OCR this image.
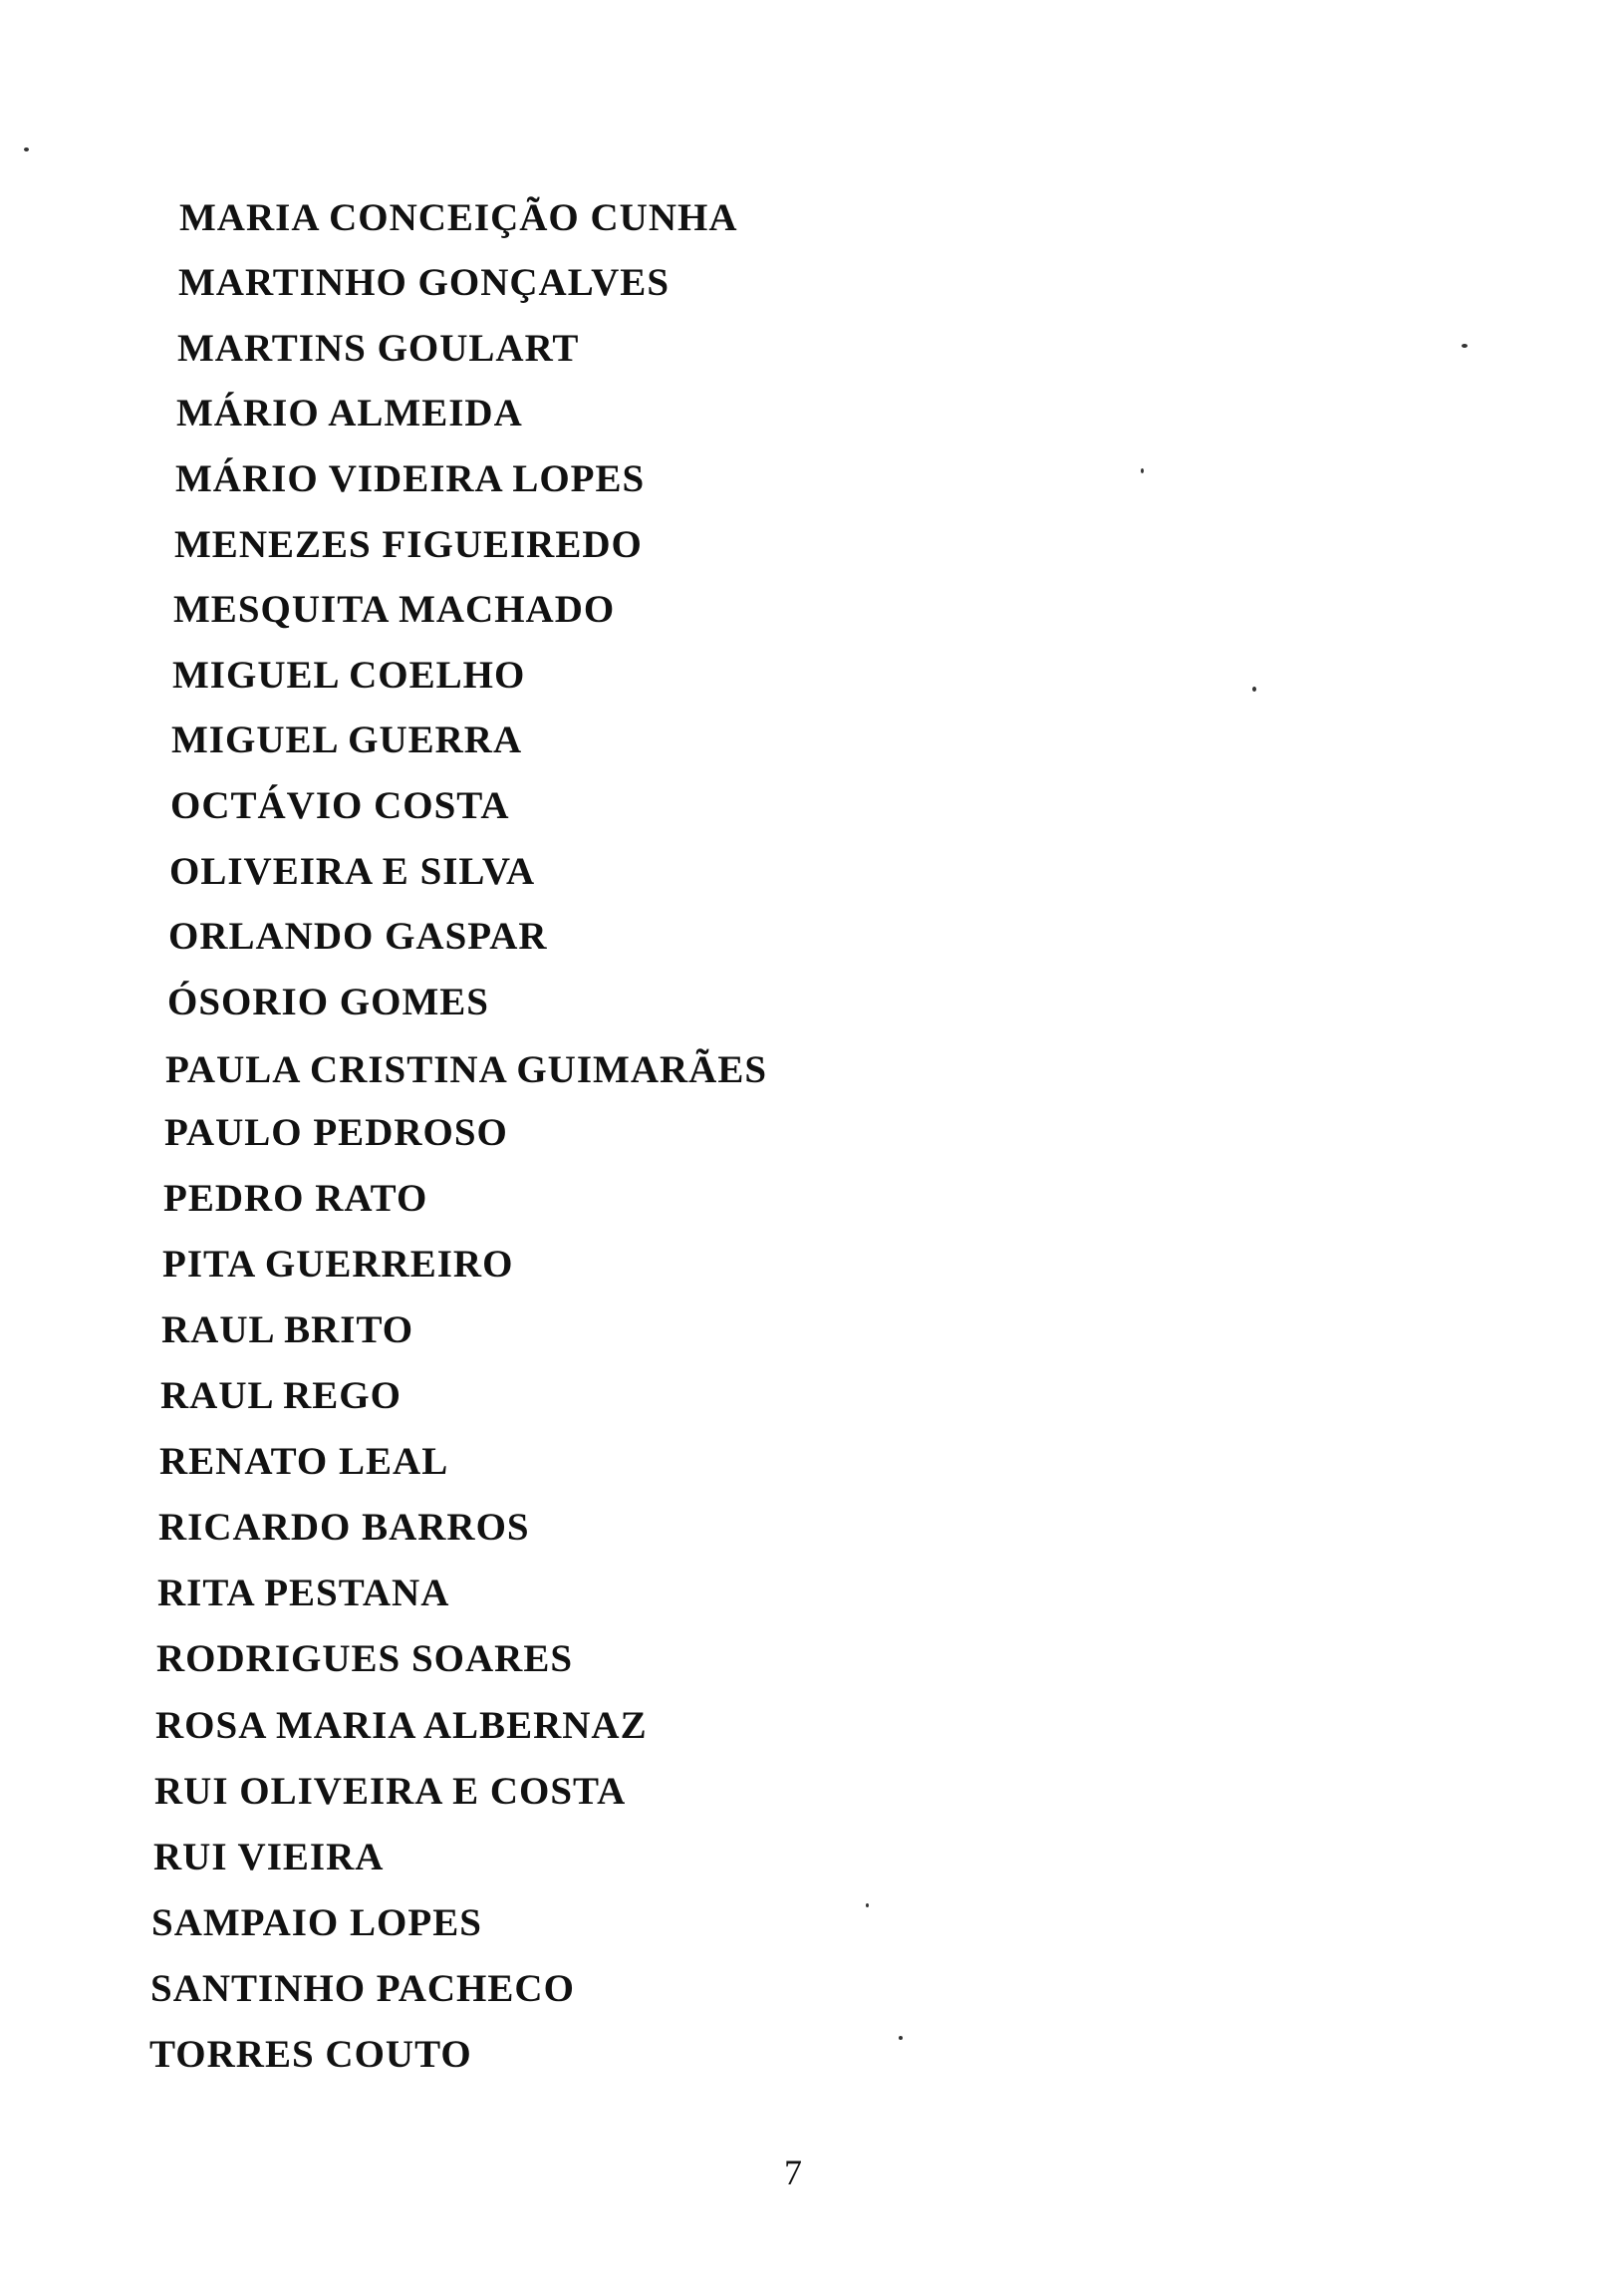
MARIA CONCEIÇÃO CUNHA
MARTINHO GONÇALVES
MARTINS GOULART
MÁRIO ALMEIDA
MÁRIO VIDEIRA LOPES
MENEZES FIGUEIREDO
MESQUITA MACHADO
MIGUEL COELHO
MIGUEL GUERRA
OCTÁVIO COSTA
OLIVEIRA E SILVA
ORLANDO GASPAR
ÓSORIO GOMES
PAULA CRISTINA GUIMARÃES
PAULO PEDROSO
PEDRO RATO
PITA GUERREIRO
RAUL BRITO
RAUL REGO
RENATO LEAL
RICARDO BARROS
RITA PESTANA
RODRIGUES SOARES
ROSA MARIA ALBERNAZ
RUI OLIVEIRA E COSTA
RUI VIEIRA
SAMPAIO LOPES
SANTINHO PACHECO
TORRES COUTO
7
